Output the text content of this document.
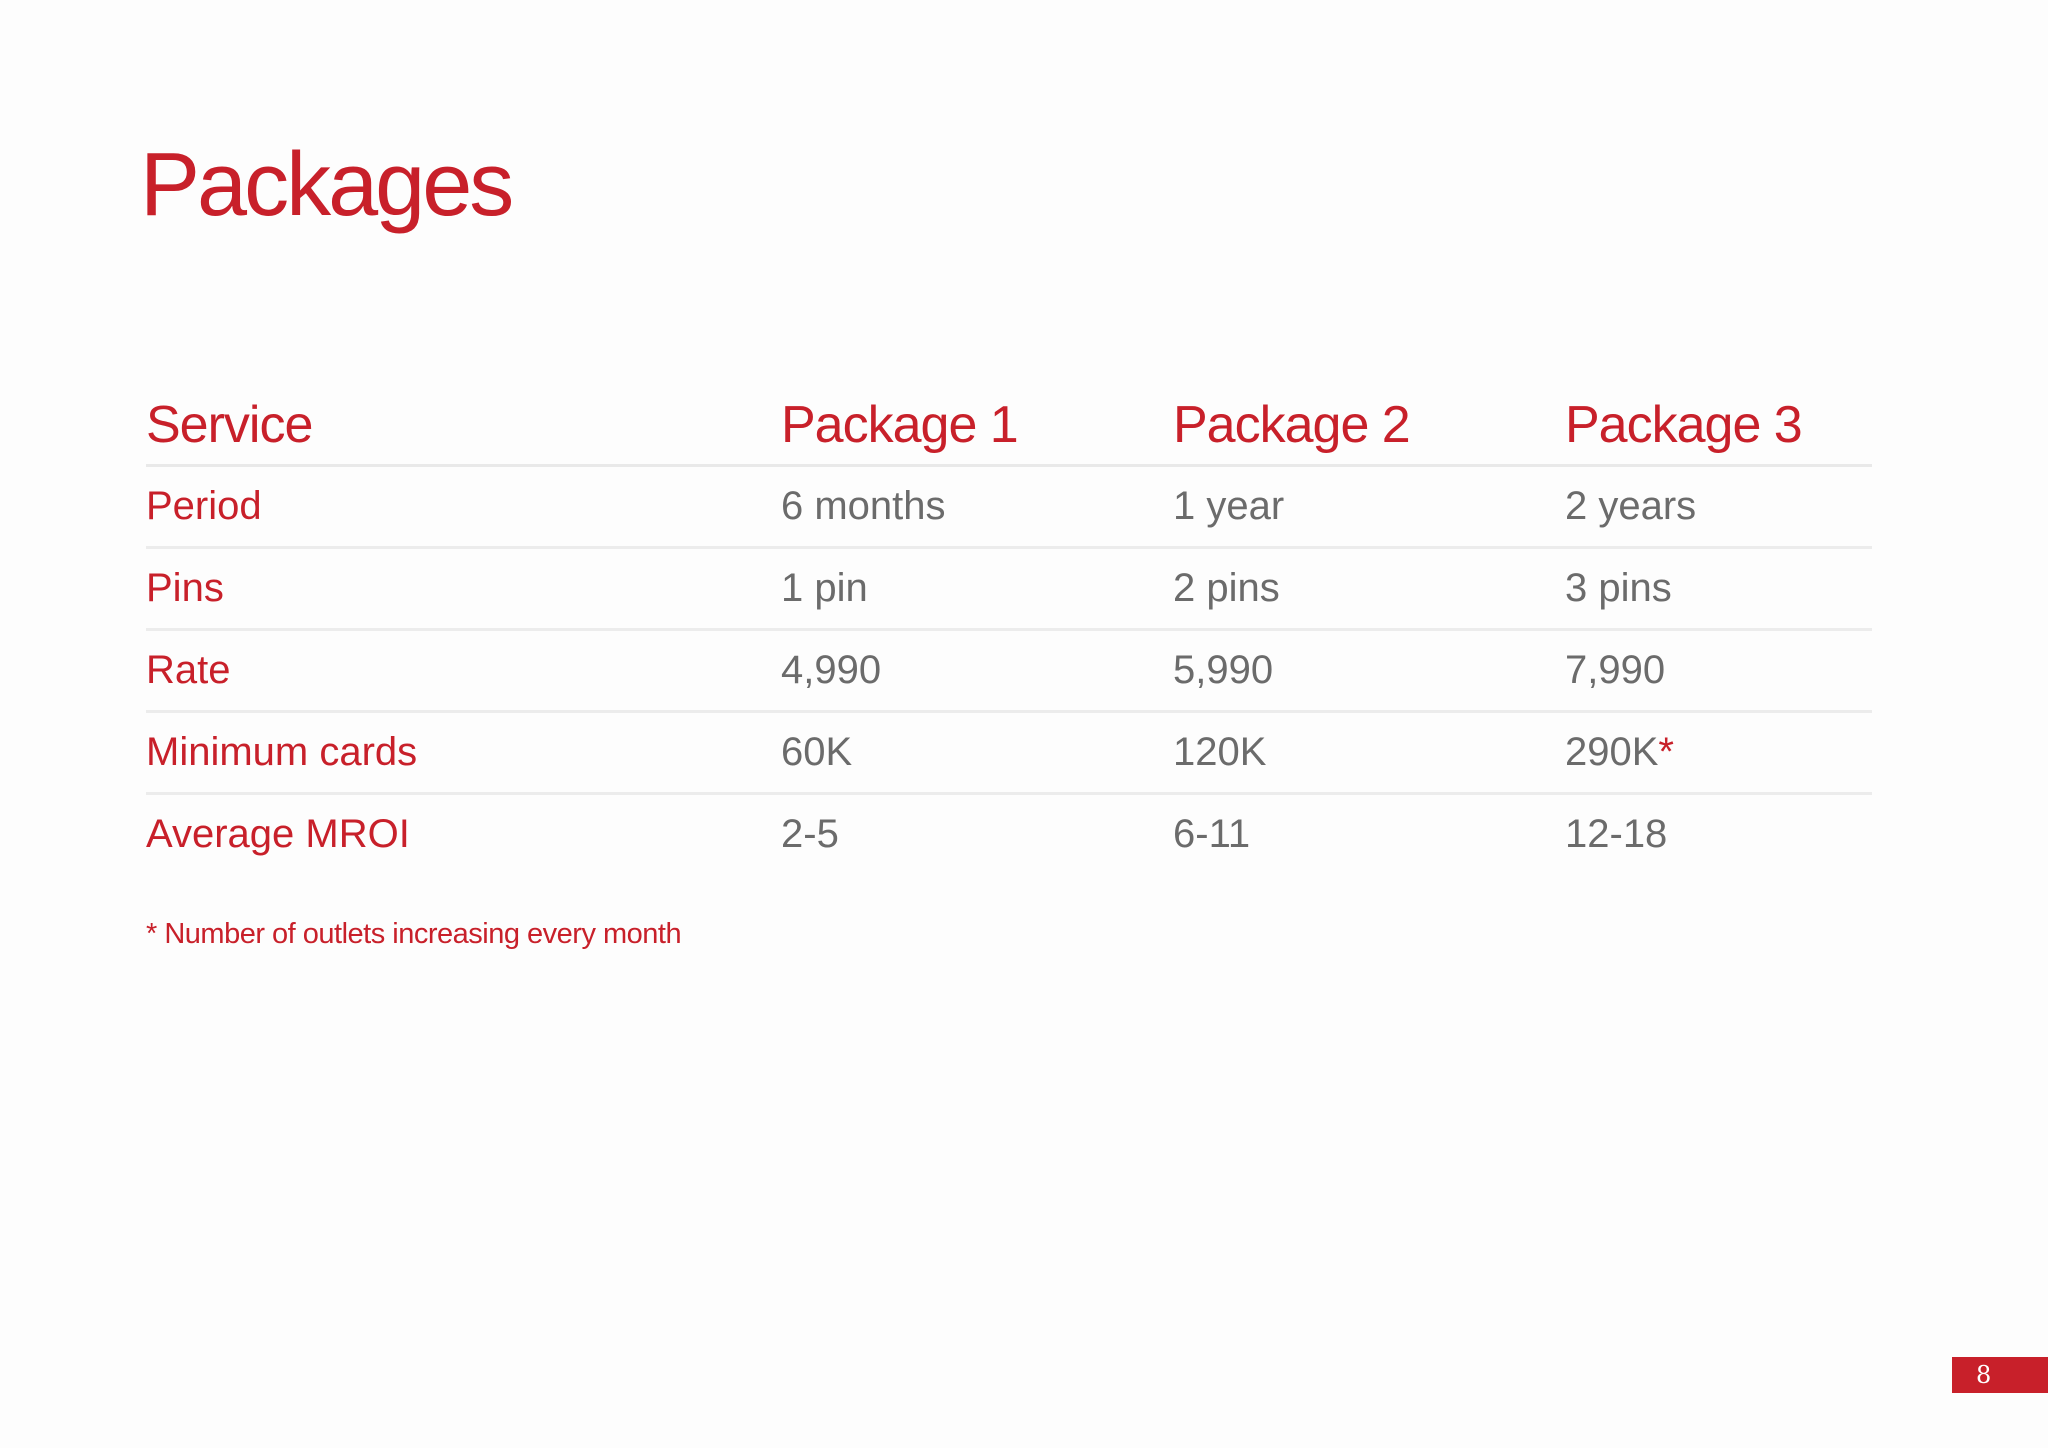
Packages
Service	Package 1	Package 2	Package 3
Period	6 months	1 year	2 years
Pins	1 pin	2 pins	3 pins
Rate	4,990	5,990	7,990
Minimum cards	60K	120K	290K*
Average MROI	2-5	6-11	12-18

* Number of outlets increasing every month

8
